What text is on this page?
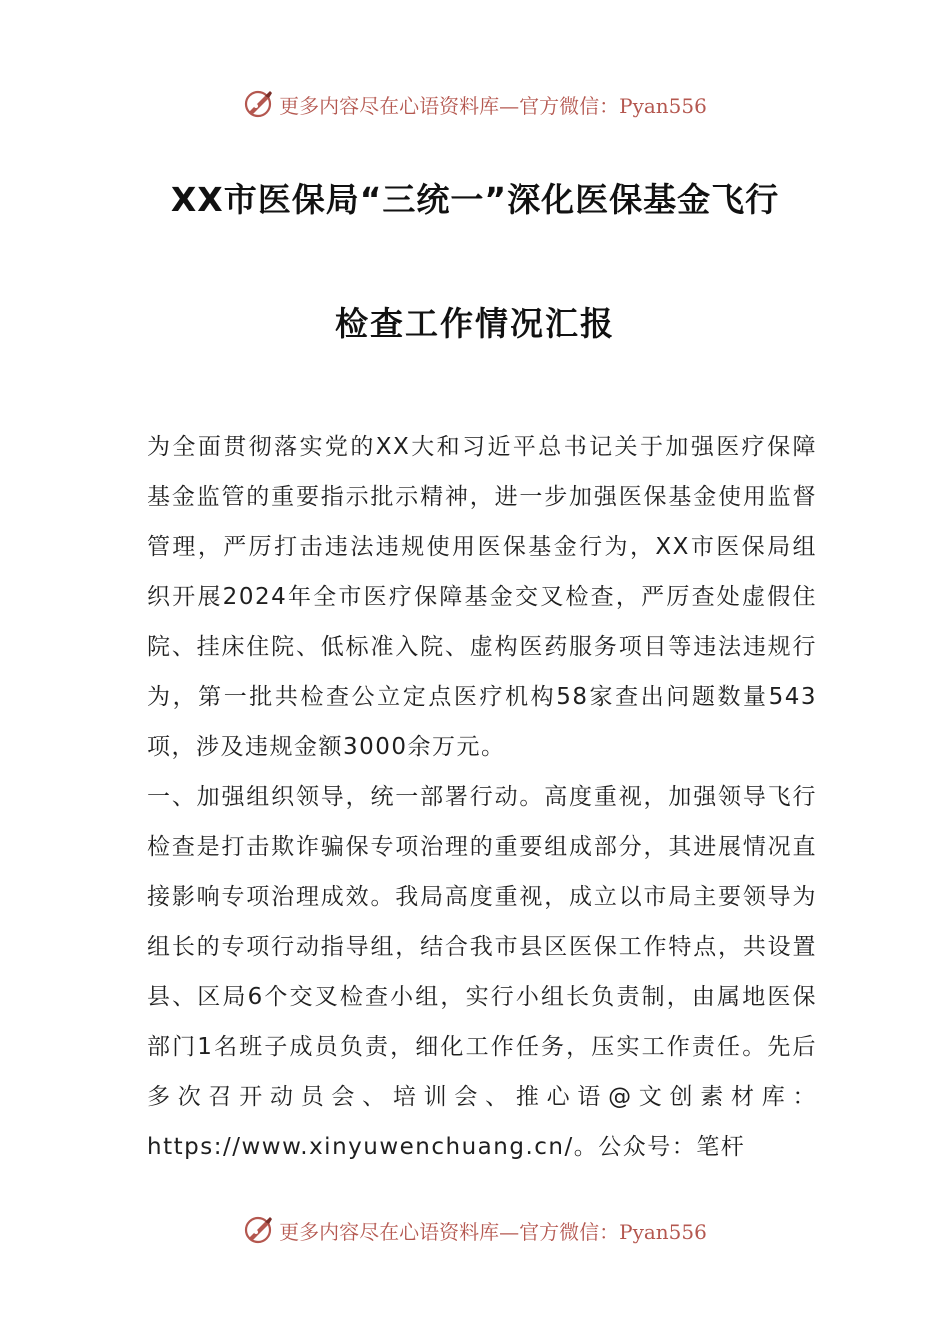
更多内容尽在心语资料库—官方微信：Pyan556
XX市医保局“三统一”深化医保基金飞行
检查工作情况汇报

为全面贯彻落实党的XX大和习近平总书记关于加强医疗保障基金监管的重要指示批示精神，进一步加强医保基金使用监督管理，严厉打击违法违规使用医保基金行为，XX市医保局组织开展2024年全市医疗保障基金交叉检查，严厉查处虚假住院、挂床住院、低标准入院、虚构医药服务项目等违法违规行为，第一批共检查公立定点医疗机构58家查出问题数量543项，涉及违规金额3000余万元。

一、加强组织领导，统一部署行动。高度重视，加强领导飞行检查是打击欺诈骗保专项治理的重要组成部分，其进展情况直接影响专项治理成效。我局高度重视，成立以市局主要领导为组长的专项行动指导组，结合我市县区医保工作特点，共设置县、区局6个交叉检查小组，实行小组长负责制，由属地医保部门1名班子成员负责，细化工作任务，压实工作责任。先后多次召开动员会、培训会、推心语@文创素材库：https://www.xinyuwenchuang.cn/。公众号：笔杆

更多内容尽在心语资料库—官方微信：Pyan556
